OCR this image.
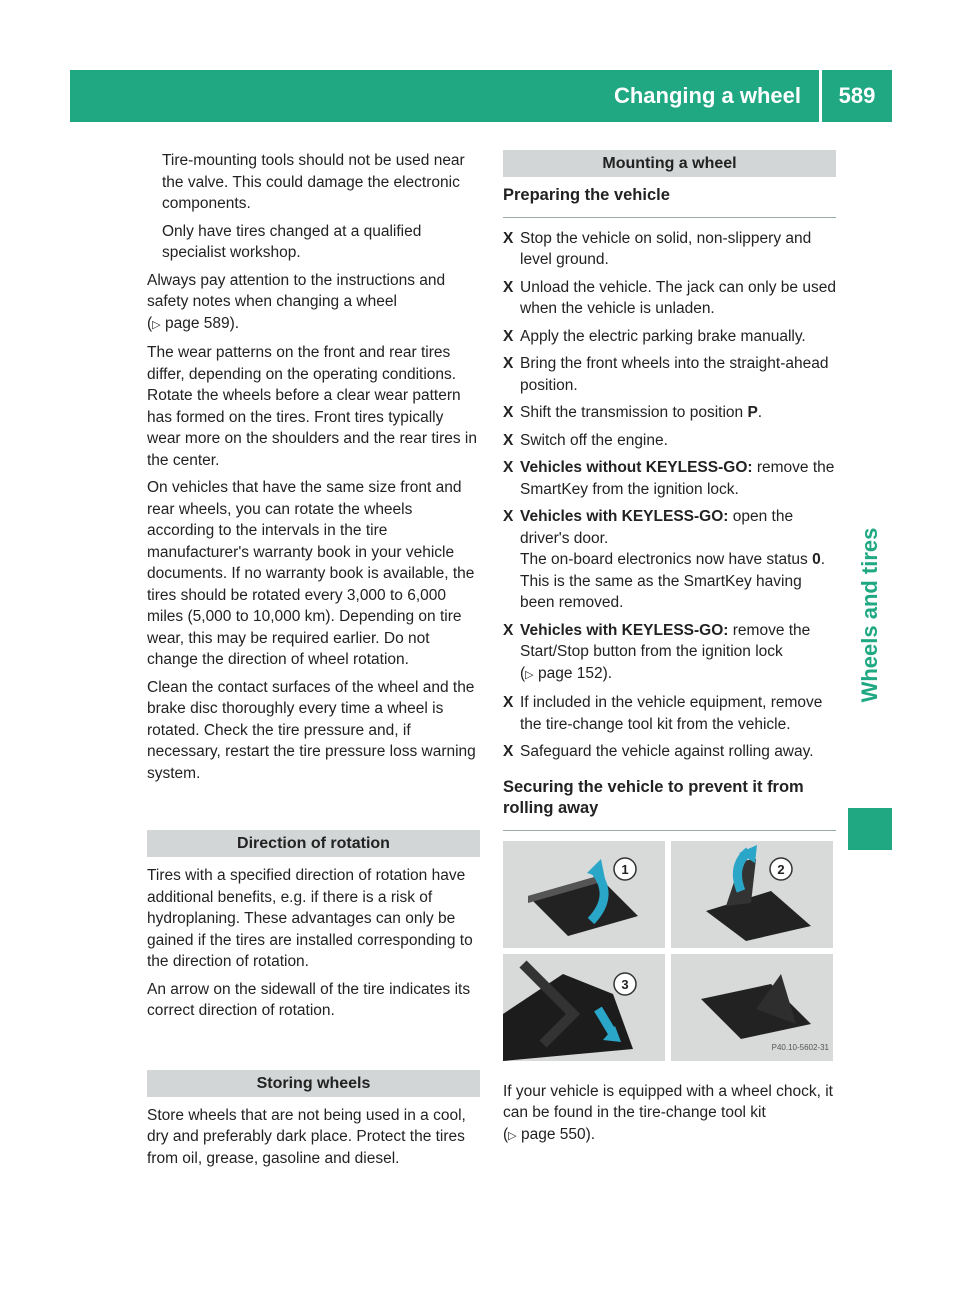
Changing a wheel	589
Wheels and tires

Tire-mounting tools should not be used near the valve. This could damage the electronic components.

Only have tires changed at a qualified specialist workshop.

Always pay attention to the instructions and safety notes when changing a wheel
(▷ page 589).

The wear patterns on the front and rear tires differ, depending on the operating conditions. Rotate the wheels before a clear wear pattern has formed on the tires. Front tires typically wear more on the shoulders and the rear tires in the center.

On vehicles that have the same size front and rear wheels, you can rotate the wheels according to the intervals in the tire manufacturer's warranty book in your vehicle documents. If no warranty book is available, the tires should be rotated every 3,000 to 6,000 miles (5,000 to 10,000 km). Depending on tire wear, this may be required earlier. Do not change the direction of wheel rotation.

Clean the contact surfaces of the wheel and the brake disc thoroughly every time a wheel is rotated. Check the tire pressure and, if necessary, restart the tire pressure loss warning system.

Direction of rotation

Tires with a specified direction of rotation have additional benefits, e.g. if there is a risk of hydroplaning. These advantages can only be gained if the tires are installed corresponding to the direction of rotation.

An arrow on the sidewall of the tire indicates its correct direction of rotation.

Storing wheels

Store wheels that are not being used in a cool, dry and preferably dark place. Protect the tires from oil, grease, gasoline and diesel.

Mounting a wheel
Preparing the vehicle
X Stop the vehicle on solid, non-slippery and level ground.
X Unload the vehicle. The jack can only be used when the vehicle is unladen.
X Apply the electric parking brake manually.
X Bring the front wheels into the straight-ahead position.
X Shift the transmission to position P.
X Switch off the engine.
X Vehicles without KEYLESS-GO: remove the SmartKey from the ignition lock.
X Vehicles with KEYLESS-GO: open the driver's door.
The on-board electronics now have status 0. This is the same as the SmartKey having been removed.
X Vehicles with KEYLESS-GO: remove the Start/Stop button from the ignition lock
(▷ page 152).
X If included in the vehicle equipment, remove the tire-change tool kit from the vehicle.
X Safeguard the vehicle against rolling away.
Securing the vehicle to prevent it from rolling away
1	2
3
P40.10-5602-31

If your vehicle is equipped with a wheel chock, it can be found in the tire-change tool kit
(▷ page 550).
